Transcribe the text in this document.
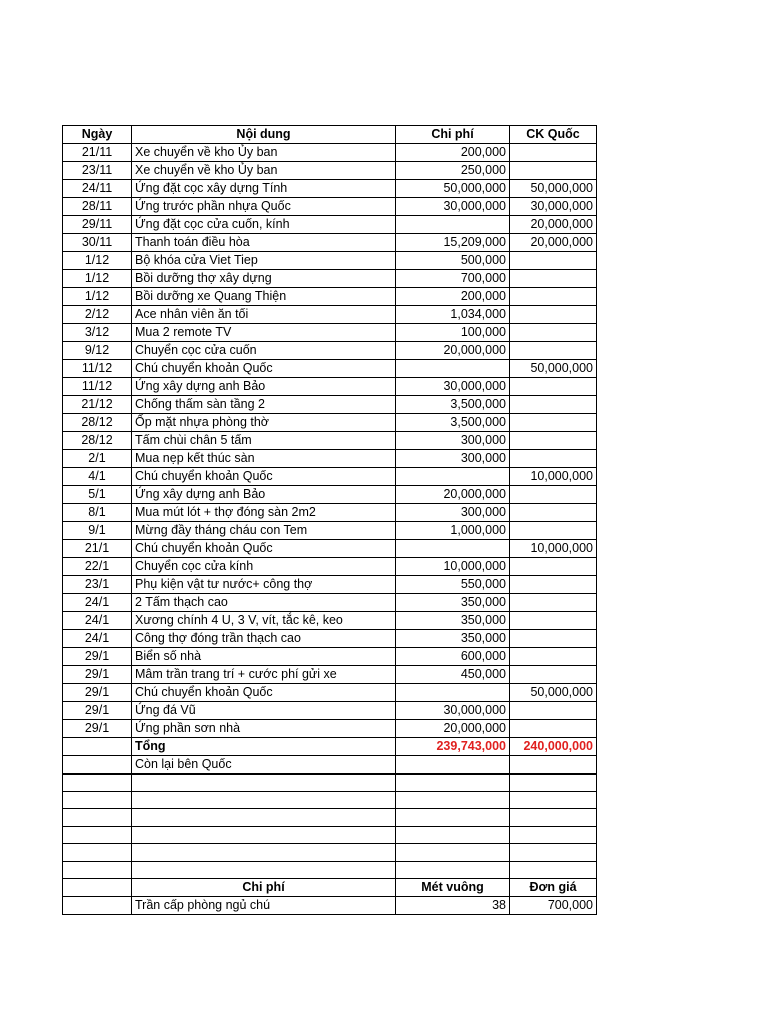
Ngày	Nội dung	Chi phí	CK Quốc
21/11	Xe chuyển về kho Ủy ban	200,000	
23/11	Xe chuyển về kho Ủy ban	250,000	
24/11	Ứng đặt cọc xây dựng Tính	50,000,000	50,000,000
28/11	Ứng trước phần nhựa Quốc	30,000,000	30,000,000
29/11	Ứng đặt cọc cửa cuốn, kính		20,000,000
30/11	Thanh toán điều hòa	15,209,000	20,000,000
1/12	Bộ khóa cửa Viet Tiep	500,000	
1/12	Bồi dưỡng thợ xây dựng	700,000	
1/12	Bồi dưỡng xe Quang Thiện	200,000	
2/12	Ace nhân viên ăn tối	1,034,000	
3/12	Mua 2 remote TV	100,000	
9/12	Chuyển cọc cửa cuốn	20,000,000	
11/12	Chú chuyển khoản Quốc		50,000,000
11/12	Ứng xây dựng anh Bảo	30,000,000	
21/12	Chống thấm sàn tầng 2	3,500,000	
28/12	Ốp mặt nhựa phòng thờ	3,500,000	
28/12	Tấm chùi chân 5 tấm	300,000	
2/1	Mua nẹp kết thúc sàn	300,000	
4/1	Chú chuyển khoản Quốc		10,000,000
5/1	Ứng xây dựng anh Bảo	20,000,000	
8/1	Mua mút lót + thợ đóng sàn 2m2	300,000	
9/1	Mừng đầy tháng cháu con Tem	1,000,000	
21/1	Chú chuyển khoản Quốc		10,000,000
22/1	Chuyển cọc cửa kính	10,000,000	
23/1	Phụ kiện vật tư nước+ công thợ	550,000	
24/1	2 Tấm thạch cao	350,000	
24/1	Xương chính 4 U, 3 V, vít, tắc kê, keo	350,000	
24/1	Công thợ đóng trần thạch cao	350,000	
29/1	Biển số nhà	600,000	
29/1	Mâm trần trang trí + cước phí gửi xe	450,000	
29/1	Chú chuyển khoản Quốc		50,000,000
29/1	Ứng đá Vũ	30,000,000	
29/1	Ứng phần sơn nhà	20,000,000	
	Tổng	239,743,000	240,000,000
	Còn lại bên Quốc		

	Chi phí	Mét vuông	Đơn giá
	Trần cấp phòng ngủ chú	38	700,000
